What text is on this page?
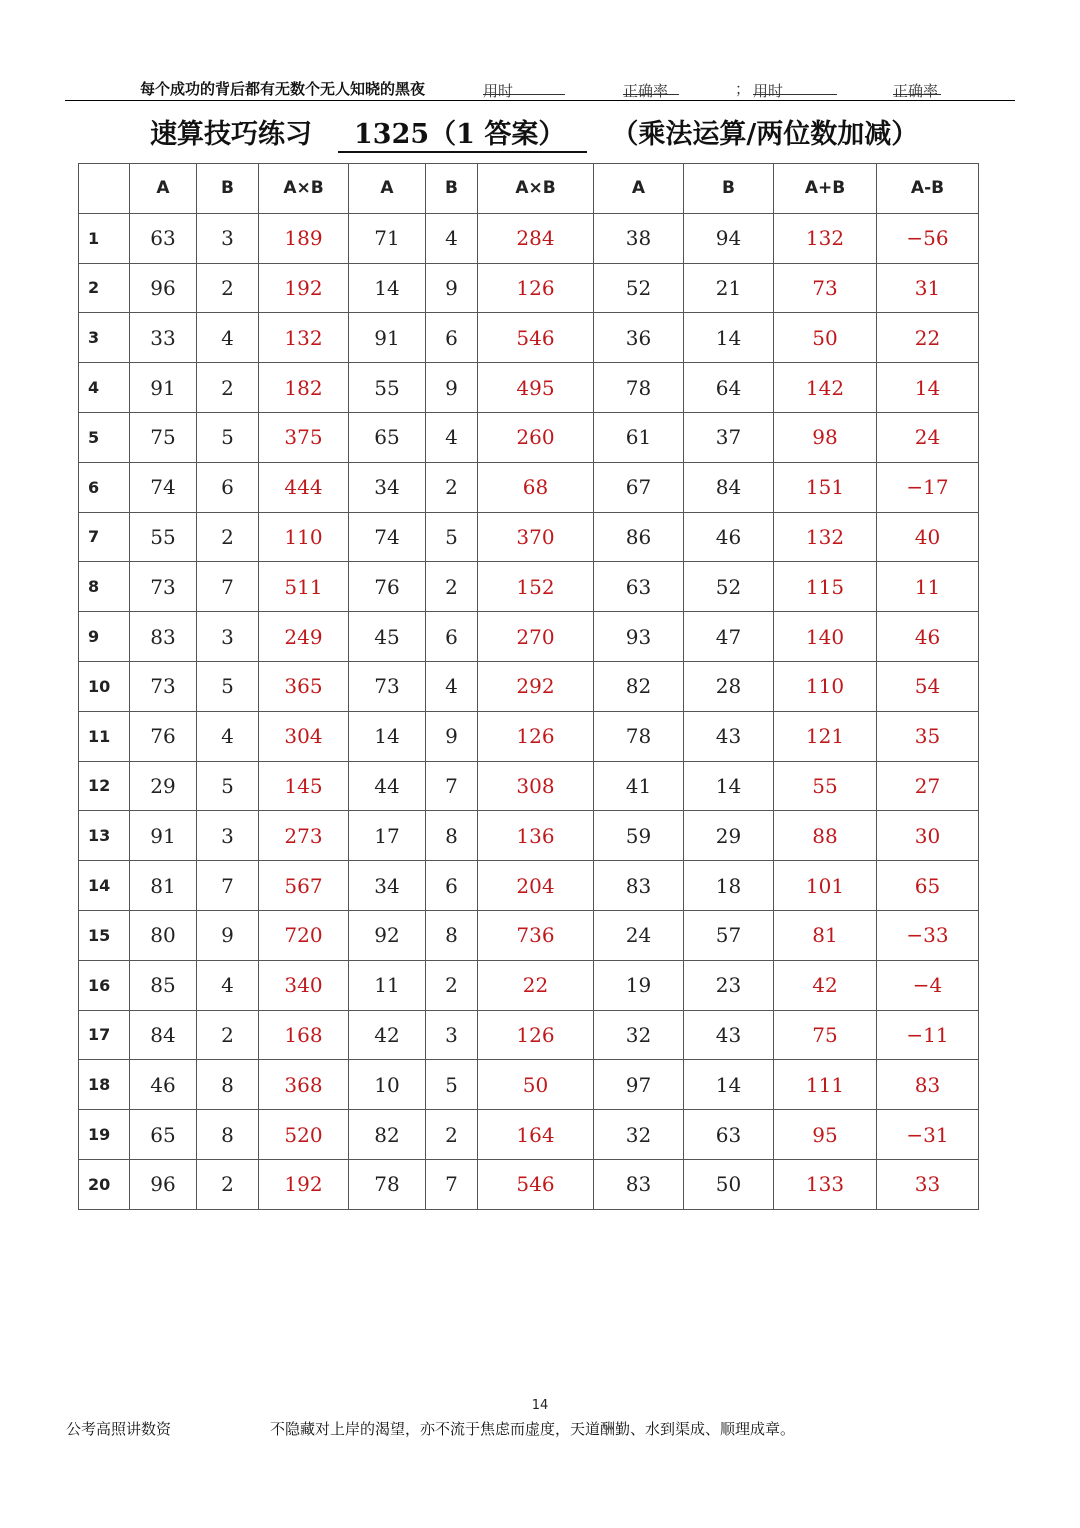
每个成功的背后都有无数个无人知晓的黑夜	用时	正确率	； 用时	正确率
速算技巧练习 1325（1 答案） （乘法运算/两位数加减）
	A	B	A×B	A	B	A×B	A	B	A+B	A-B
1	63	3	189	71	4	284	38	94	132	−56
2	96	2	192	14	9	126	52	21	73	31
3	33	4	132	91	6	546	36	14	50	22
4	91	2	182	55	9	495	78	64	142	14
5	75	5	375	65	4	260	61	37	98	24
6	74	6	444	34	2	68	67	84	151	−17
7	55	2	110	74	5	370	86	46	132	40
8	73	7	511	76	2	152	63	52	115	11
9	83	3	249	45	6	270	93	47	140	46
10	73	5	365	73	4	292	82	28	110	54
11	76	4	304	14	9	126	78	43	121	35
12	29	5	145	44	7	308	41	14	55	27
13	91	3	273	17	8	136	59	29	88	30
14	81	7	567	34	6	204	83	18	101	65
15	80	9	720	92	8	736	24	57	81	−33
16	85	4	340	11	2	22	19	23	42	−4
17	84	2	168	42	3	126	32	43	75	−11
18	46	8	368	10	5	50	97	14	111	83
19	65	8	520	82	2	164	32	63	95	−31
20	96	2	192	78	7	546	83	50	133	33
14
公考高照讲数资	不隐藏对上岸的渴望，亦不流于焦虑而虚度，天道酬勤、水到渠成、顺理成章。
